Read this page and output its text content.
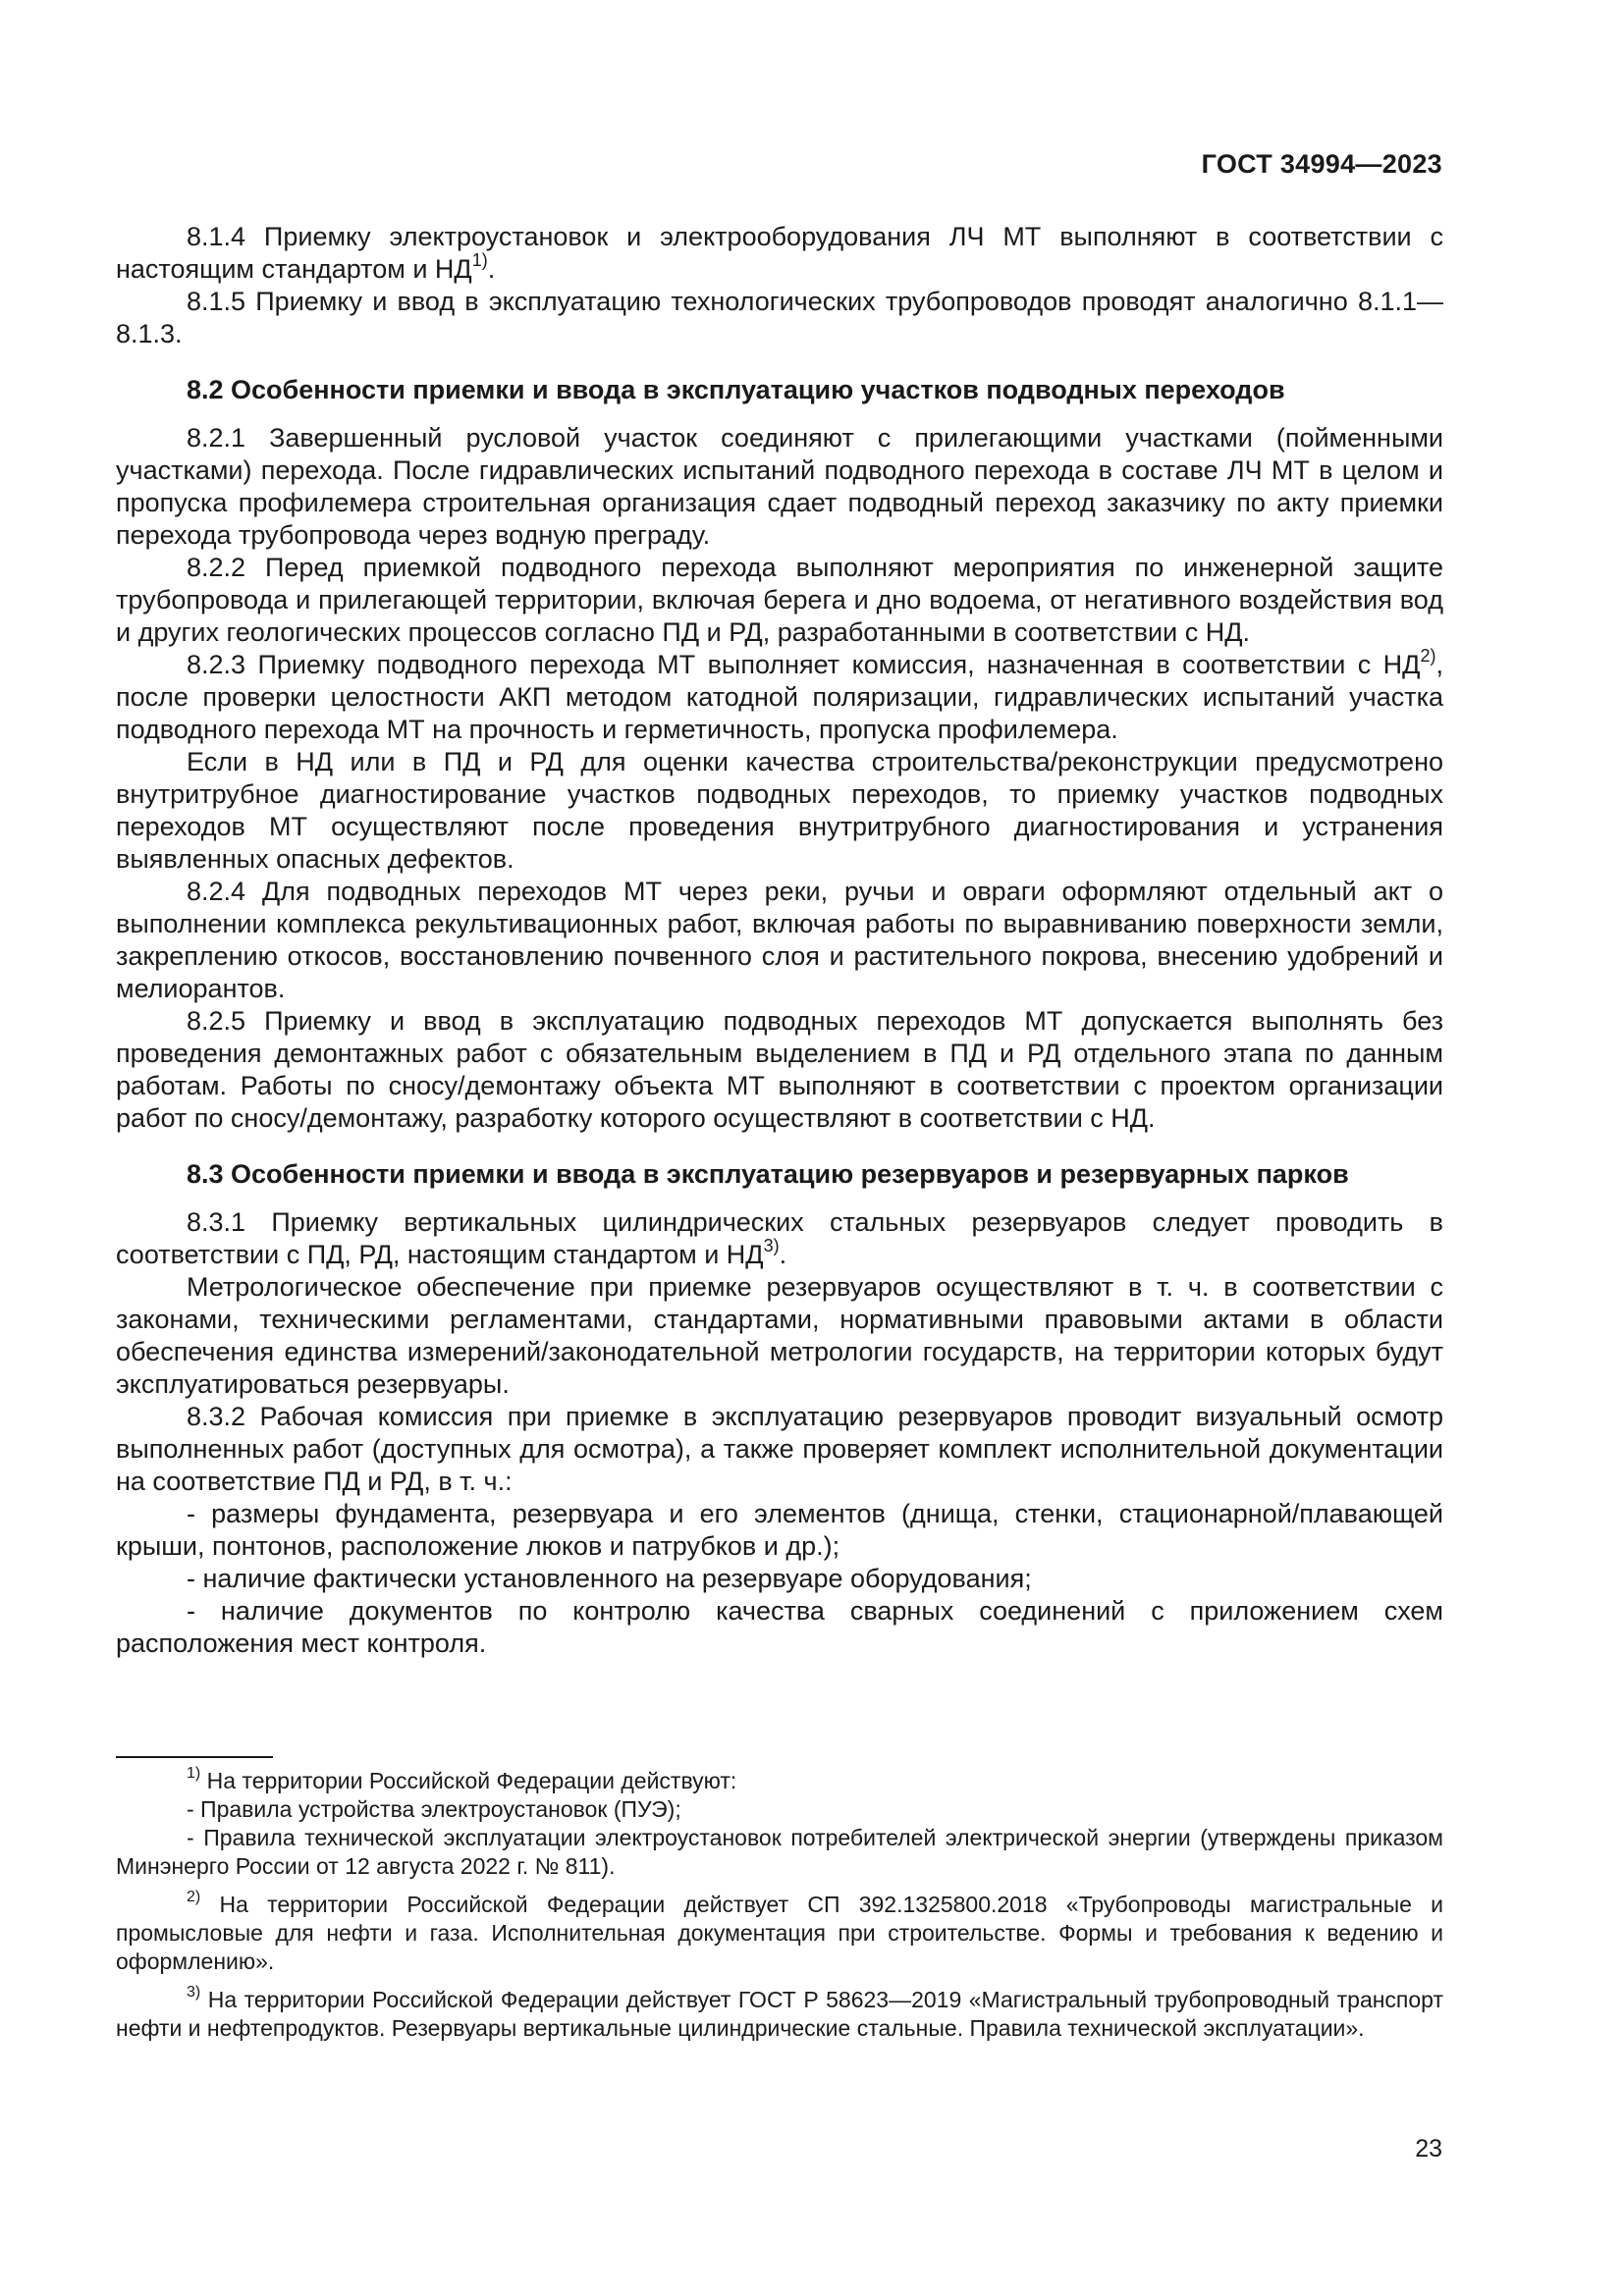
ГОСТ 34994—2023

8.1.4 Приемку электроустановок и электрооборудования ЛЧ МТ выполняют в соответствии с настоящим стандартом и НД$^{1)}$.

8.1.5 Приемку и ввод в эксплуатацию технологических трубопроводов проводят аналогично 8.1.1—8.1.3.

8.2 Особенности приемки и ввода в эксплуатацию участков подводных переходов

8.2.1 Завершенный русловой участок соединяют с прилегающими участками (пойменными участками) перехода. После гидравлических испытаний подводного перехода в составе ЛЧ МТ в целом и пропуска профилемера строительная организация сдает подводный переход заказчику по акту приемки перехода трубопровода через водную преграду.

8.2.2 Перед приемкой подводного перехода выполняют мероприятия по инженерной защите трубопровода и прилегающей территории, включая берега и дно водоема, от негативного воздействия вод и других геологических процессов согласно ПД и РД, разработанными в соответствии с НД.

8.2.3 Приемку подводного перехода МТ выполняет комиссия, назначенная в соответствии с НД$^{2)}$, после проверки целостности АКП методом катодной поляризации, гидравлических испытаний участка подводного перехода МТ на прочность и герметичность, пропуска профилемера.

Если в НД или в ПД и РД для оценки качества строительства/реконструкции предусмотрено внутритрубное диагностирование участков подводных переходов, то приемку участков подводных переходов МТ осуществляют после проведения внутритрубного диагностирования и устранения выявленных опасных дефектов.

8.2.4 Для подводных переходов МТ через реки, ручьи и овраги оформляют отдельный акт о выполнении комплекса рекультивационных работ, включая работы по выравниванию поверхности земли, закреплению откосов, восстановлению почвенного слоя и растительного покрова, внесению удобрений и мелиорантов.

8.2.5 Приемку и ввод в эксплуатацию подводных переходов МТ допускается выполнять без проведения демонтажных работ с обязательным выделением в ПД и РД отдельного этапа по данным работам. Работы по сносу/демонтажу объекта МТ выполняют в соответствии с проектом организации работ по сносу/демонтажу, разработку которого осуществляют в соответствии с НД.

8.3 Особенности приемки и ввода в эксплуатацию резервуаров и резервуарных парков

8.3.1 Приемку вертикальных цилиндрических стальных резервуаров следует проводить в соответствии с ПД, РД, настоящим стандартом и НД$^{3)}$.

Метрологическое обеспечение при приемке резервуаров осуществляют в т. ч. в соответствии с законами, техническими регламентами, стандартами, нормативными правовыми актами в области обеспечения единства измерений/законодательной метрологии государств, на территории которых будут эксплуатироваться резервуары.

8.3.2 Рабочая комиссия при приемке в эксплуатацию резервуаров проводит визуальный осмотр выполненных работ (доступных для осмотра), а также проверяет комплект исполнительной документации на соответствие ПД и РД, в т. ч.:

- размеры фундамента, резервуара и его элементов (днища, стенки, стационарной/плавающей крыши, понтонов, расположение люков и патрубков и др.);

- наличие фактически установленного на резервуаре оборудования;

- наличие документов по контролю качества сварных соединений с приложением схем расположения мест контроля.

$^{1)}$ На территории Российской Федерации действуют:

- Правила устройства электроустановок (ПУЭ);

- Правила технической эксплуатации электроустановок потребителей электрической энергии (утверждены приказом Минэнерго России от 12 августа 2022 г. № 811).

$^{2)}$ На территории Российской Федерации действует СП 392.1325800.2018 «Трубопроводы магистральные и промысловые для нефти и газа. Исполнительная документация при строительстве. Формы и требования к ведению и оформлению».

$^{3)}$ На территории Российской Федерации действует ГОСТ Р 58623—2019 «Магистральный трубопроводный транспорт нефти и нефтепродуктов. Резервуары вертикальные цилиндрические стальные. Правила технической эксплуатации».

23
